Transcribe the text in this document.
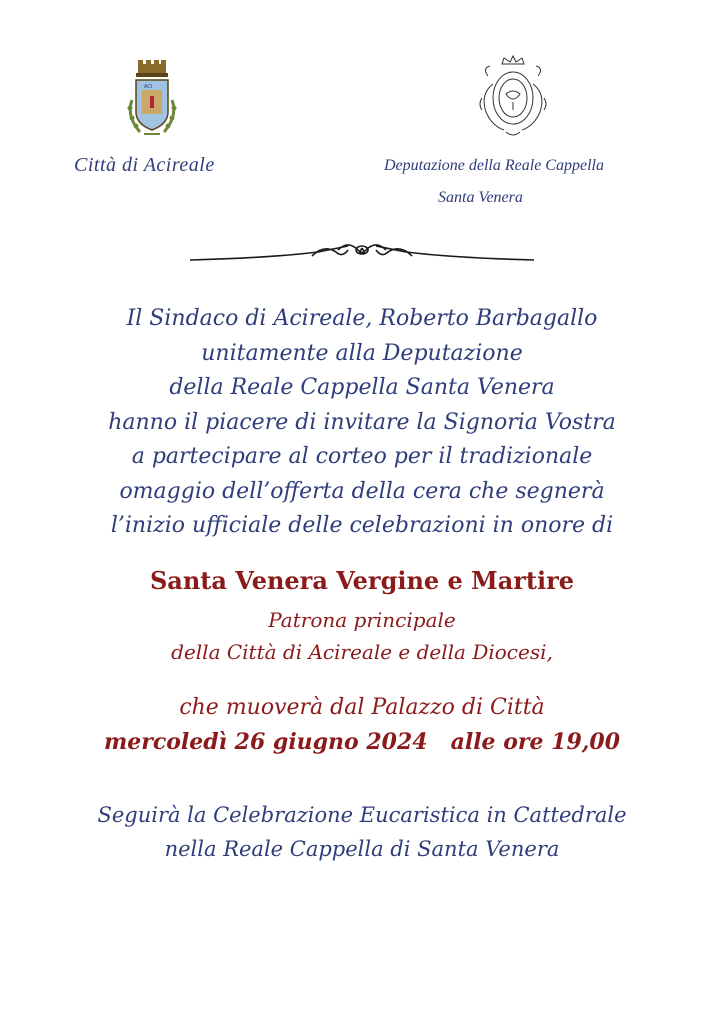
ACI
Città di Acireale	Deputazione della Reale Cappella
Santa Venera
Il Sindaco di Acireale, Roberto Barbagallo
unitamente alla Deputazione
della Reale Cappella Santa Venera
hanno il piacere di invitare la Signoria Vostra
a partecipare al corteo per il tradizionale
omaggio dell’offerta della cera che segnerà
l’inizio ufficiale delle celebrazioni in onore di
Santa Venera Vergine e Martire
Patrona principale
della Città di Acireale e della Diocesi,
che muoverà dal Palazzo di Città
mercoledì 26 giugno 2024   alle ore 19,00
Seguirà la Celebrazione Eucaristica in Cattedrale
nella Reale Cappella di Santa Venera
